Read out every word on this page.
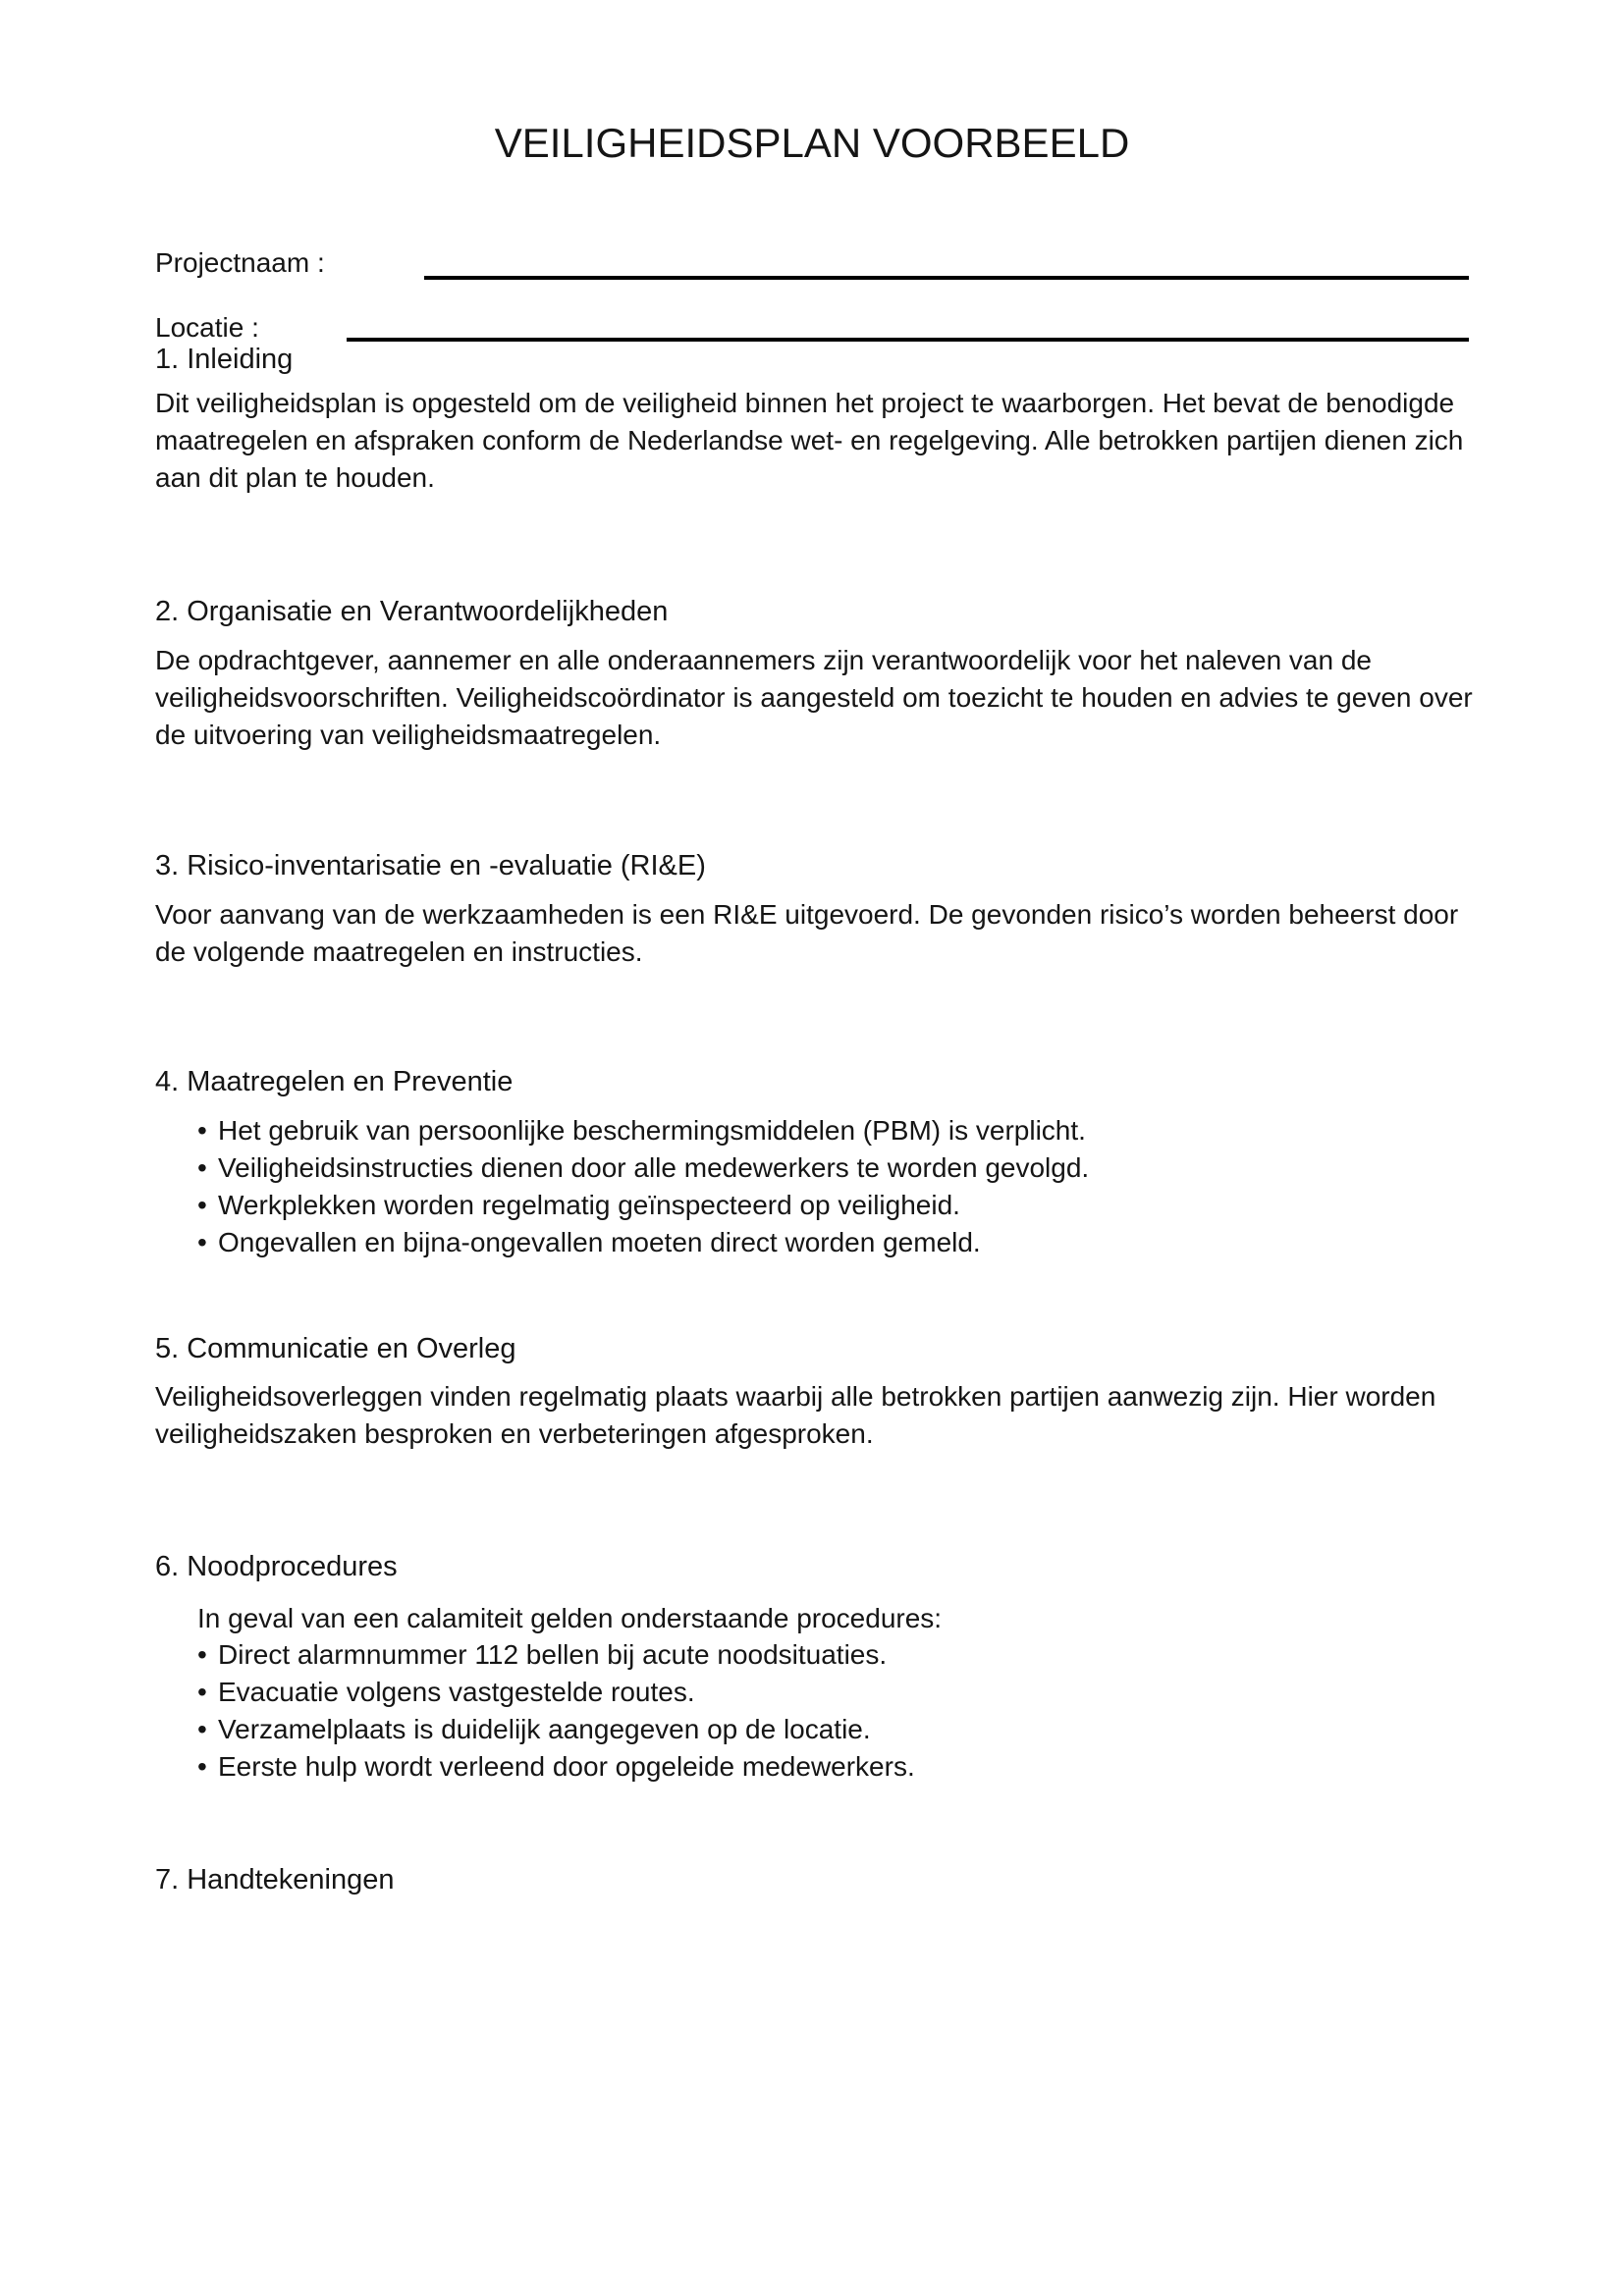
VEILIGHEIDSPLAN VOORBEELD
Projectnaam :
Locatie :
1. Inleiding
Dit veiligheidsplan is opgesteld om de veiligheid binnen het project te waarborgen. Het bevat de benodigde
maatregelen en afspraken conform de Nederlandse wet- en regelgeving. Alle betrokken partijen dienen zich
aan dit plan te houden.
2. Organisatie en Verantwoordelijkheden
De opdrachtgever, aannemer en alle onderaannemers zijn verantwoordelijk voor het naleven van de
veiligheidsvoorschriften. Veiligheidscoördinator is aangesteld om toezicht te houden en advies te geven over
de uitvoering van veiligheidsmaatregelen.
3. Risico-inventarisatie en -evaluatie (RI&E)
Voor aanvang van de werkzaamheden is een RI&E uitgevoerd. De gevonden risico’s worden beheerst door
de volgende maatregelen en instructies.
4. Maatregelen en Preventie
• Het gebruik van persoonlijke beschermingsmiddelen (PBM) is verplicht.
• Veiligheidsinstructies dienen door alle medewerkers te worden gevolgd.
• Werkplekken worden regelmatig geïnspecteerd op veiligheid.
• Ongevallen en bijna-ongevallen moeten direct worden gemeld.
5. Communicatie en Overleg
Veiligheidsoverleggen vinden regelmatig plaats waarbij alle betrokken partijen aanwezig zijn. Hier worden
veiligheidszaken besproken en verbeteringen afgesproken.
6. Noodprocedures
In geval van een calamiteit gelden onderstaande procedures:
• Direct alarmnummer 112 bellen bij acute noodsituaties.
• Evacuatie volgens vastgestelde routes.
• Verzamelplaats is duidelijk aangegeven op de locatie.
• Eerste hulp wordt verleend door opgeleide medewerkers.
7. Handtekeningen
